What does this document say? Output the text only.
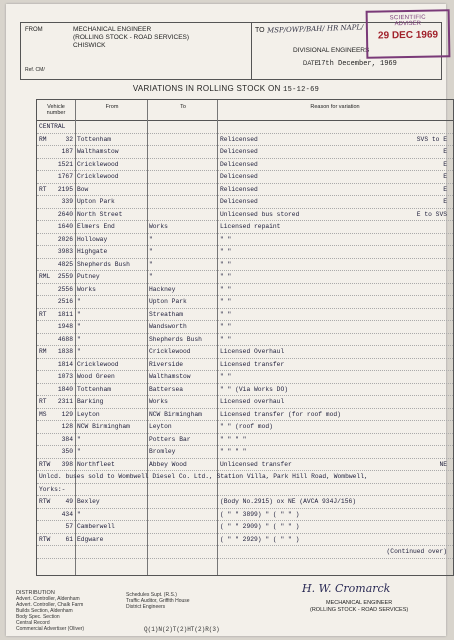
FROM	MECHANICAL ENGINEER
(ROLLING STOCK - ROAD SERVICES)
CHISWICK
Ref. CM/
TO MSP/OWP/BAH/ HR NAPL/
DIVISIONAL ENGINEERS
DATE
17th December, 1969
SCIENTIFIC
ADVISER
29 DEC 1969
VARIATIONS IN ROLLING STOCK ON 15-12-69
Vehicle number
From	To	Reason for variation
CENTRAL
RM	32 Tottenham	Relicensed	SVS to E
187 Walthamstow	Delicensed	E
1521 Cricklewood	Delicensed	E
1767 Cricklewood	Delicensed	E
RT	2195 Bow	Relicensed	E
339 Upton Park	Delicensed	E
2640 North Street	Unlicensed bus stored	E to SVS
1640 Elmers End	Works	Licensed repaint
2026 Holloway	"	" "
3983 Highgate	"	" "
4825 Shepherds Bush	"	" "
RML	2559 Putney	"	" "
2556 Works	Hackney	" "
2516 "	Upton Park	" "
RT	1811 "	Streatham	" "
1948 "	Wandsworth	" "
4688 "	Shepherds Bush	" "
RM	1838 "	Cricklewood	Licensed Overhaul
1814 Cricklewood	Riverside	Licensed transfer
1073 Wood Green	Walthamstow	" "
1840 Tottenham	Battersea	" " (Via Works DO)
RT	2311 Barking	Works	Licensed overhaul
MS	129 Leyton	NCW Birmingham	Licensed transfer (for roof mod)
128 NCW Birmingham	Leyton	" " (roof mod)
384 "	Potters Bar	" " " "
350 "	Bromley	" " " "
RTW	398 Northfleet	Abbey Wood	Unlicensed transfer	NE
Unlcd. buses sold to Wombwell Diesel Co. Ltd., Station Villa, Park Hill Road, Wombwell,
Yorks:-
RTW	49 Bexley	(Body No.2915) ox NE (AVCA 934J/156)
434 "	( " " 3899) " ( " " )
57 Camberwell	( " " 2909) " ( " " )
RTW	61 Edgware	( " " 2929) " ( " " )
(Continued over)
H. W. Cromarck
MECHANICAL ENGINEER
(ROLLING STOCK - ROAD SERVICES)
DISTRIBUTION
Advert. Controller, Aldenham
Advert. Controller, Chalk Farm
Builds Section, Aldenham
Body Spec. Section
Central Record
Commercial Advertiser (Oliver)
Schedules Supt. (R.S.)
Traffic Auditor, Griffith House
District Engineers
Q(1)N(2)T(2)HT(2)R(3)
